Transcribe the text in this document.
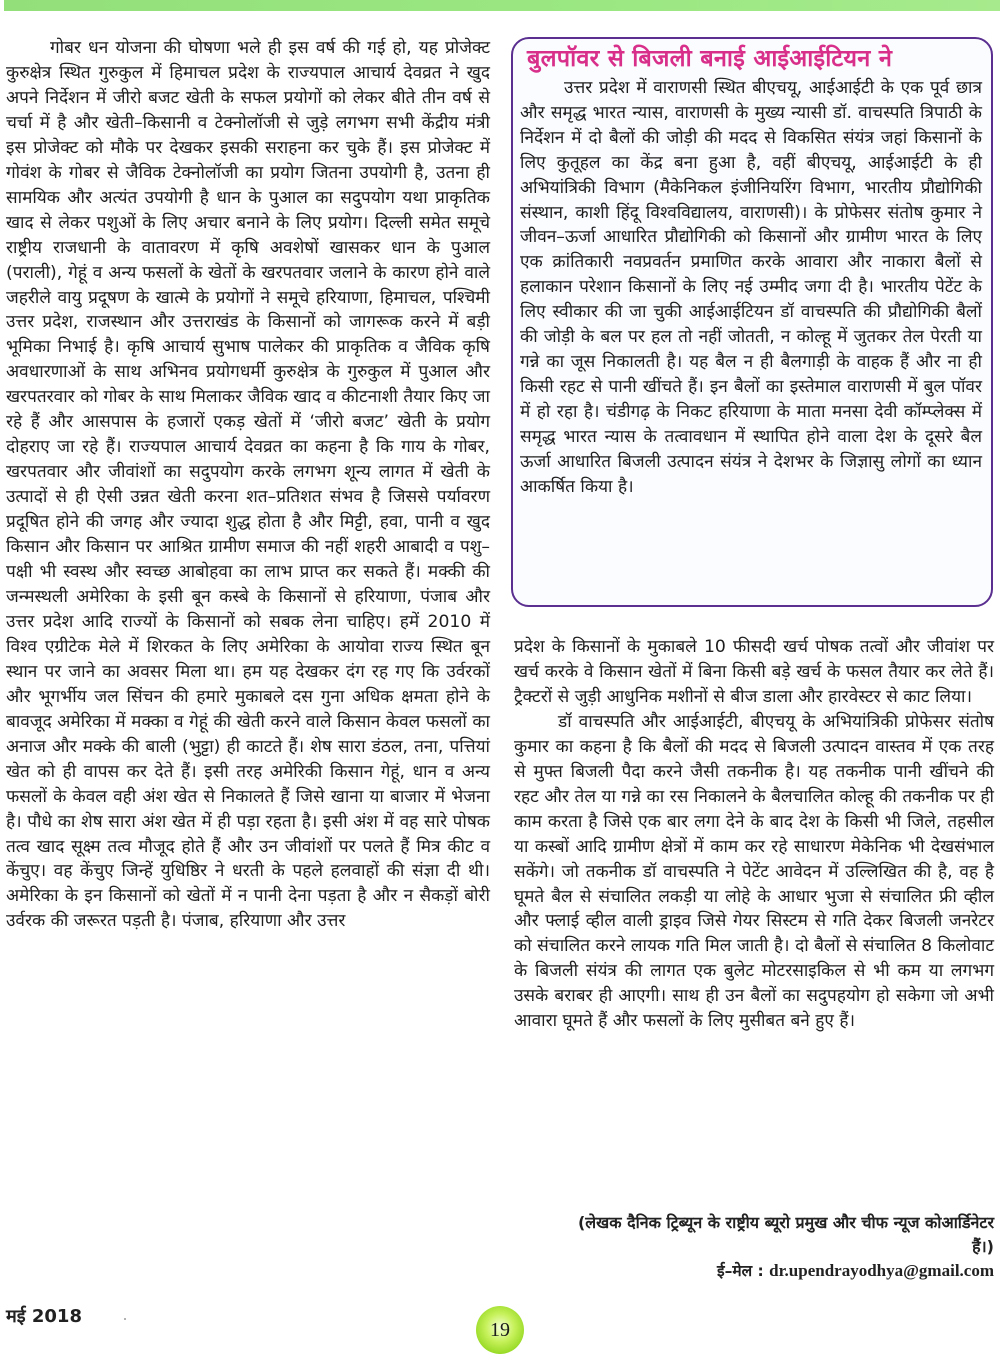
गोबर धन योजना की घोषणा भले ही इस वर्ष की गई हो, यह प्रोजेक्ट कुरुक्षेत्र स्थित गुरुकुल में हिमाचल प्रदेश के राज्यपाल आचार्य देवव्रत ने खुद अपने निर्देशन में जीरो बजट खेती के सफल प्रयोगों को लेकर बीते तीन वर्ष से चर्चा में है और खेती–किसानी व टेक्नोलॉजी से जुड़े लगभग सभी केंद्रीय मंत्री इस प्रोजेक्ट को मौके पर देखकर इसकी सराहना कर चुके हैं। इस प्रोजेक्ट में गोवंश के गोबर से जैविक टेक्नोलॉजी का प्रयोग जितना उपयोगी है, उतना ही सामयिक और अत्यंत उपयोगी है धान के पुआल का सदुपयोग यथा प्राकृतिक खाद से लेकर पशुओं के लिए अचार बनाने के लिए प्रयोग। दिल्ली समेत समूचे राष्ट्रीय राजधानी के वातावरण में कृषि अवशेषों खासकर धान के पुआल (पराली), गेहूं व अन्य फसलों के खेतों के खरपतवार जलाने के कारण होने वाले जहरीले वायु प्रदूषण के खात्मे के प्रयोगों ने समूचे हरियाणा, हिमाचल, पश्चिमी उत्तर प्रदेश, राजस्थान और उत्तराखंड के किसानों को जागरूक करने में बड़ी भूमिका निभाई है। कृषि आचार्य सुभाष पालेकर की प्राकृतिक व जैविक कृषि अवधारणाओं के साथ अभिनव प्रयोगधर्मी कुरुक्षेत्र के गुरुकुल में पुआल और खरपतरवार को गोबर के साथ मिलाकर जैविक खाद व कीटनाशी तैयार किए जा रहे हैं और आसपास के हजारों एकड़ खेतों में ‘जीरो बजट’ खेती के प्रयोग दोहराए जा रहे हैं। राज्यपाल आचार्य देवव्रत का कहना है कि गाय के गोबर, खरपतवार और जीवांशों का सदुपयोग करके लगभग शून्य लागत में खेती के उत्पादों से ही ऐसी उन्नत खेती करना शत–प्रतिशत संभव है जिससे पर्यावरण प्रदूषित होने की जगह और ज्यादा शुद्ध होता है और मिट्टी, हवा, पानी व खुद किसान और किसान पर आश्रित ग्रामीण समाज की नहीं शहरी आबादी व पशु–पक्षी भी स्वस्थ और स्वच्छ आबोहवा का लाभ प्राप्त कर सकते हैं। मक्की की जन्मस्थली अमेरिका के इसी बून कस्बे के किसानों से हरियाणा, पंजाब और उत्तर प्रदेश आदि राज्यों के किसानों को सबक लेना चाहिए। हमें 2010 में विश्व एग्रीटेक मेले में शिरकत के लिए अमेरिका के आयोवा राज्य स्थित बून स्थान पर जाने का अवसर मिला था। हम यह देखकर दंग रह गए कि उर्वरकों और भूगर्भीय जल सिंचन की हमारे मुकाबले दस गुना अधिक क्षमता होने के बावजूद अमेरिका में मक्का व गेहूं की खेती करने वाले किसान केवल फसलों का अनाज और मक्के की बाली (भुट्टा) ही काटते हैं। शेष सारा डंठल, तना, पत्तियां खेत को ही वापस कर देते हैं। इसी तरह अमेरिकी किसान गेहूं, धान व अन्य फसलों के केवल वही अंश खेत से निकालते हैं जिसे खाना या बाजार में भेजना है। पौधे का शेष सारा अंश खेत में ही पड़ा रहता है। इसी अंश में वह सारे पोषक तत्व खाद सूक्ष्म तत्व मौजूद होते हैं और उन जीवांशों पर पलते हैं मित्र कीट व केंचुए। वह केंचुए जिन्हें युधिष्ठिर ने धरती के पहले हलवाहों की संज्ञा दी थी। अमेरिका के इन किसानों को खेतों में न पानी देना पड़ता है और न सैकड़ों बोरी उर्वरक की जरूरत पड़ती है। पंजाब, हरियाणा और उत्तर

बुलपॉवर से बिजली बनाई आईआईटियन ने

उत्तर प्रदेश में वाराणसी स्थित बीएचयू, आईआईटी के एक पूर्व छात्र और समृद्ध भारत न्यास, वाराणसी के मुख्य न्यासी डॉ. वाचस्पति त्रिपाठी के निर्देशन में दो बैलों की जोड़ी की मदद से विकसित संयंत्र जहां किसानों के लिए कुतूहल का केंद्र बना हुआ है, वहीं बीएचयू, आईआईटी के ही अभियांत्रिकी विभाग (मैकेनिकल इंजीनियरिंग विभाग, भारतीय प्रौद्योगिकी संस्थान, काशी हिंदू विश्वविद्यालय, वाराणसी)। के प्रोफेसर संतोष कुमार ने जीवन–ऊर्जा आधारित प्रौद्योगिकी को किसानों और ग्रामीण भारत के लिए एक क्रांतिकारी नवप्रवर्तन प्रमाणित करके आवारा और नाकारा बैलों से हलाकान परेशान किसानों के लिए नई उम्मीद जगा दी है। भारतीय पेटेंट के लिए स्वीकार की जा चुकी आईआईटियन डॉ वाचस्पति की प्रौद्योगिकी बैलों की जोड़ी के बल पर हल तो नहीं जोतती, न कोल्हू में जुतकर तेल पेरती या गन्ने का जूस निकालती है। यह बैल न ही बैलगाड़ी के वाहक हैं और ना ही किसी रहट से पानी खींचते हैं। इन बैलों का इस्तेमाल वाराणसी में बुल पॉवर में हो रहा है। चंडीगढ़ के निकट हरियाणा के माता मनसा देवी कॉम्प्लेक्स में समृद्ध भारत न्यास के तत्वावधान में स्थापित होने वाला देश के दूसरे बैल ऊर्जा आधारित बिजली उत्पादन संयंत्र ने देशभर के जिज्ञासु लोगों का ध्यान आकर्षित किया है।

प्रदेश के किसानों के मुकाबले 10 फीसदी खर्च पोषक तत्वों और जीवांश पर खर्च करके वे किसान खेतों में बिना किसी बड़े खर्च के फसल तैयार कर लेते हैं। ट्रैक्टरों से जुड़ी आधुनिक मशीनों से बीज डाला और हारवेस्टर से काट लिया।

डॉ वाचस्पति और आईआईटी, बीएचयू के अभियांत्रिकी प्रोफेसर संतोष कुमार का कहना है कि बैलों की मदद से बिजली उत्पादन वास्तव में एक तरह से मुफ्त बिजली पैदा करने जैसी तकनीक है। यह तकनीक पानी खींचने की रहट और तेल या गन्ने का रस निकालने के बैलचालित कोल्हू की तकनीक पर ही काम करता है जिसे एक बार लगा देने के बाद देश के किसी भी जिले, तहसील या कस्बों आदि ग्रामीण क्षेत्रों में काम कर रहे साधारण मेकेनिक भी देखसंभाल सकेंगे। जो तकनीक डॉ वाचस्पति ने पेटेंट आवेदन में उल्लिखित की है, वह है घूमते बैल से संचालित लकड़ी या लोहे के आधार भुजा से संचालित फ्री व्हील और फ्लाई व्हील वाली ड्राइव जिसे गेयर सिस्टम से गति देकर बिजली जनरेटर को संचालित करने लायक गति मिल जाती है। दो बैलों से संचालित 8 किलोवाट के बिजली संयंत्र की लागत एक बुलेट मोटरसाइकिल से भी कम या लगभग उसके बराबर ही आएगी। साथ ही उन बैलों का सदुपहयोग हो सकेगा जो अभी आवारा घूमते हैं और फसलों के लिए मुसीबत बने हुए हैं।

(लेखक दैनिक ट्रिब्यून के राष्ट्रीय ब्यूरो प्रमुख और चीफ न्यूज कोआर्डिनेटर हैं।)
ई–मेल : dr.upendrayodhya@gmail.com
मई 2018
19
